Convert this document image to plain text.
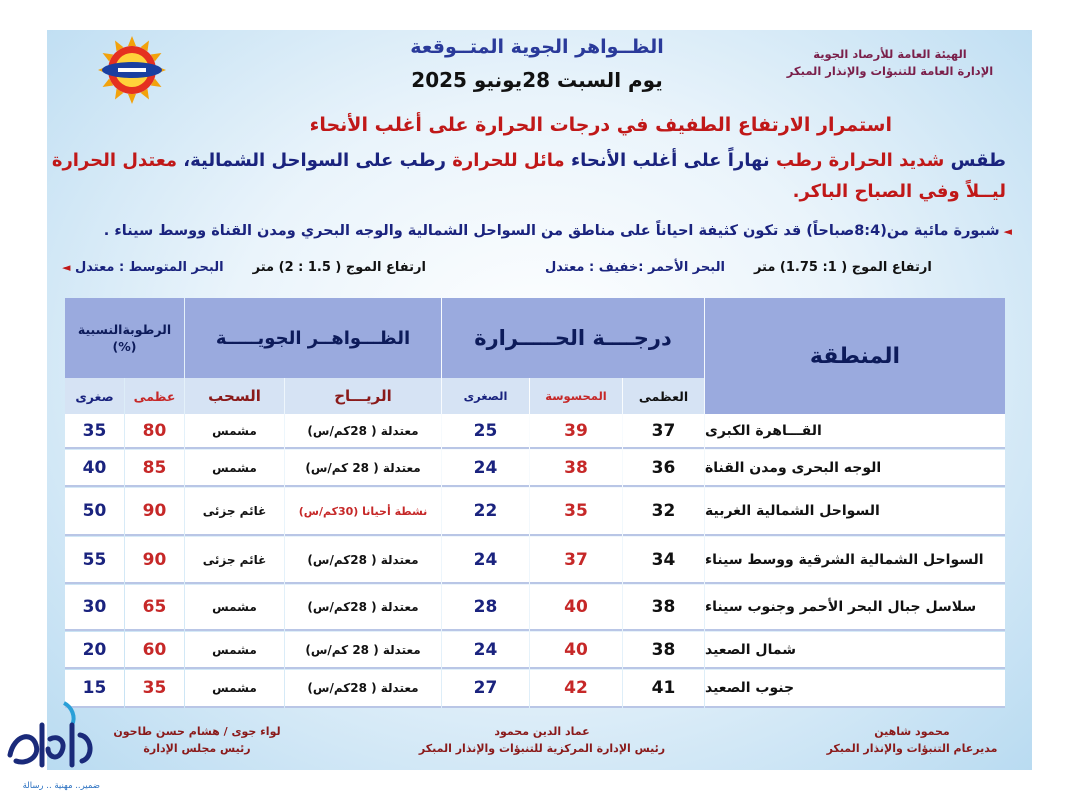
الهيئة العامة للأرصاد الجوية
الإدارة العامة للتنبؤات والإنذار المبكر
الظــواهر الجوية المتــوقعة
يوم السبت 28يونيو 2025
استمرار الارتفاع الطفيف في درجات الحرارة على أغلب الأنحاء
طقس شديد الحرارة رطب نهاراً على أغلب الأنحاء مائل للحرارة رطب على السواحل الشمالية، معتدل الحرارة
ليــلاً وفي الصباح الباكر.
◄ شبورة مائية من(8:4صباحاً) قد تكون كثيفة احياناً على مناطق من السواحل الشمالية والوجه البحري ومدن القناة ووسط سيناء .
◄ البحر المتوسط : معتدل ارتفاع الموج ( 1.5 : 2) متر	البحر الأحمر :خفيف : معتدل ارتفاع الموج ( 1: 1.75) متر
المنطقة
درجــــة الحـــــرارة
الظـــواهــر الجويـــــة
الرطوبةالنسبية (%)
العظمى
المحسوسة
الصغرى
الريـــاح
السحب
عظمى
صغرى
القـــاهرة الكبرى
37
39
25
معتدلة ( 28كم/س)
مشمس
80
35
الوجه البحرى ومدن القناة
36
38
24
معتدلة ( 28 كم/س)
مشمس
85
40
السواحل الشمالية الغربية
32
35
22
نشطة أحيانا (30كم/س)
غائم جزئى
90
50
السواحل الشمالية الشرقية ووسط سيناء
34
37
24
معتدلة ( 28كم/س)
غائم جزئى
90
55
سلاسل جبال البحر الأحمر وجنوب سيناء
38
40
28
معتدلة ( 28كم/س)
مشمس
65
30
شمال الصعيد
38
40
24
معتدلة ( 28 كم/س)
مشمس
60
20
جنوب الصعيد
41
42
27
معتدلة ( 28كم/س)
مشمس
35
15
محمود شاهين
مديرعام التنبؤات والإنذار المبكر
عماد الدين محمود
رئيس الإدارة المركزية للتنبؤات والإنذار المبكر
لواء جوى / هشام حسن طاحون
رئيس مجلس الإدارة
ضمير.. مهنية .. رسالة
